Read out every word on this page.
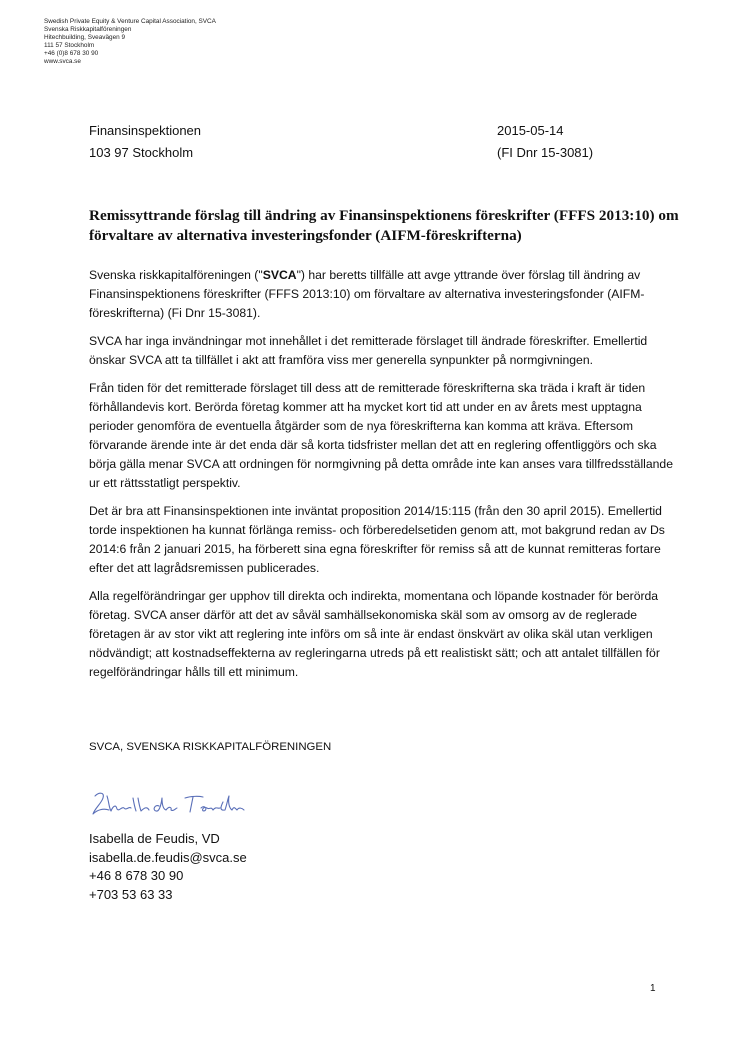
Swedish Private Equity & Venture Capital Association, SVCA
Svenska Riskkapitalföreningen
Hitechbuilding, Sveavägen 9
111 57 Stockholm
+46 (0)8 678 30 90
www.svca.se
Finansinspektionen
103 97 Stockholm
2015-05-14
(FI Dnr 15-3081)
Remissyttrande förslag till ändring av Finansinspektionens föreskrifter (FFFS 2013:10) om förvaltare av alternativa investeringsfonder (AIFM-föreskrifterna)

Svenska riskkapitalföreningen ("SVCA") har beretts tillfälle att avge yttrande över förslag till ändring av Finansinspektionens föreskrifter (FFFS 2013:10) om förvaltare av alternativa investeringsfonder (AIFM-föreskrifterna) (Fi Dnr 15-3081).

SVCA har inga invändningar mot innehållet i det remitterade förslaget till ändrade föreskrifter. Emellertid önskar SVCA att ta tillfället i akt att framföra viss mer generella synpunkter på normgivningen.

Från tiden för det remitterade förslaget till dess att de remitterade föreskrifterna ska träda i kraft är tiden förhållandevis kort. Berörda företag kommer att ha mycket kort tid att under en av årets mest upptagna perioder genomföra de eventuella åtgärder som de nya föreskrifterna kan komma att kräva. Eftersom förvarande ärende inte är det enda där så korta tidsfrister mellan det att en reglering offentliggörs och ska börja gälla menar SVCA att ordningen för normgivning på detta område inte kan anses vara tillfredsställande ur ett rättsstatligt perspektiv.

Det är bra att Finansinspektionen inte inväntat proposition 2014/15:115 (från den 30 april 2015). Emellertid torde inspektionen ha kunnat förlänga remiss- och förberedelsetiden genom att, mot bakgrund redan av Ds 2014:6 från 2 januari 2015, ha förberett sina egna föreskrifter för remiss så att de kunnat remitteras fortare efter det att lagrådsremissen publicerades.

Alla regelförändringar ger upphov till direkta och indirekta, momentana och löpande kostnader för berörda företag. SVCA anser därför att det av såväl samhällsekonomiska skäl som av omsorg av de reglerade företagen är av stor vikt att reglering inte införs om så inte är endast önskvärt av olika skäl utan verkligen nödvändigt; att kostnadseffekterna av regleringarna utreds på ett realistiskt sätt; och att antalet tillfällen för regelförändringar hålls till ett minimum.

SVCA, SVENSKA RISKKAPITALFÖRENINGEN
Isabella de Feudis, VD
isabella.de.feudis@svca.se
+46 8 678 30 90
+703 53 63 33
1
